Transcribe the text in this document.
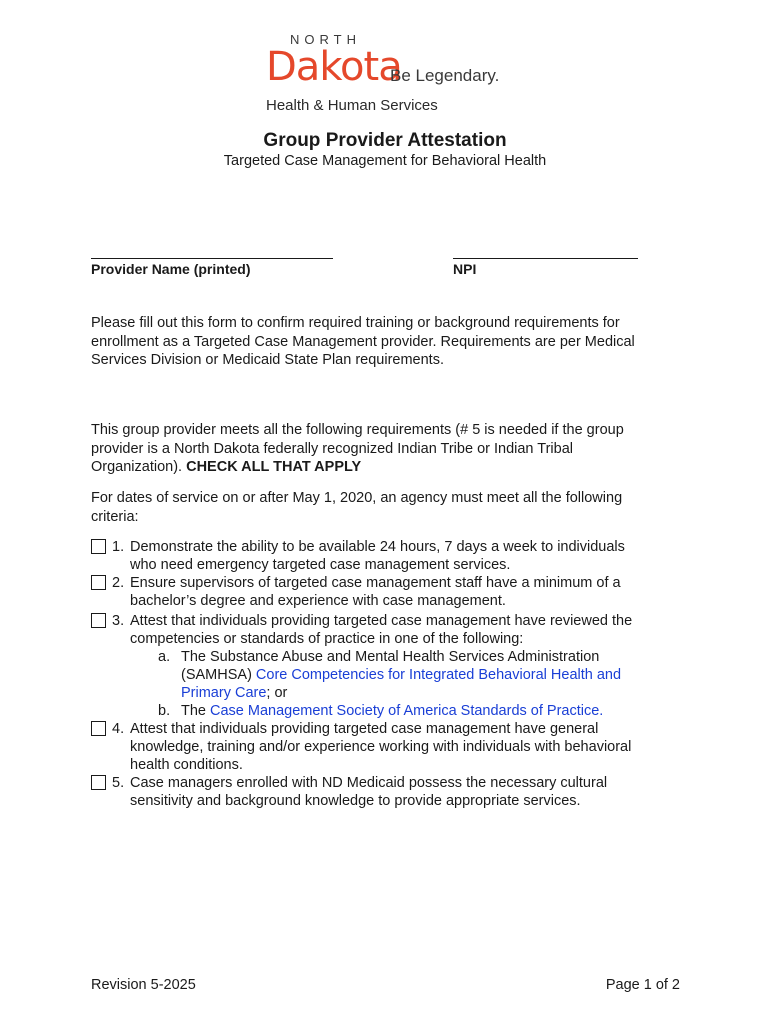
NORTH
Dakota
Be Legendary.
Health & Human Services
Group Provider Attestation
Targeted Case Management for Behavioral Health
Provider Name (printed)	NPI
Please fill out this form to confirm required training or background requirements for
enrollment as a Targeted Case Management provider. Requirements are per Medical
Services Division or Medicaid State Plan requirements.
This group provider meets all the following requirements (# 5 is needed if the group
provider is a North Dakota federally recognized Indian Tribe or Indian Tribal
Organization). CHECK ALL THAT APPLY
For dates of service on or after May 1, 2020, an agency must meet all the following
criteria:
1. Demonstrate the ability to be available 24 hours, 7 days a week to individuals
who need emergency targeted case management services.
2. Ensure supervisors of targeted case management staff have a minimum of a
bachelor’s degree and experience with case management.
3. Attest that individuals providing targeted case management have reviewed the
competencies or standards of practice in one of the following:
a. The Substance Abuse and Mental Health Services Administration
(SAMHSA) Core Competencies for Integrated Behavioral Health and
Primary Care; or
b. The Case Management Society of America Standards of Practice.
4. Attest that individuals providing targeted case management have general
knowledge, training and/or experience working with individuals with behavioral
health conditions.
5. Case managers enrolled with ND Medicaid possess the necessary cultural
sensitivity and background knowledge to provide appropriate services.
Revision 5-2025	Page 1 of 2
